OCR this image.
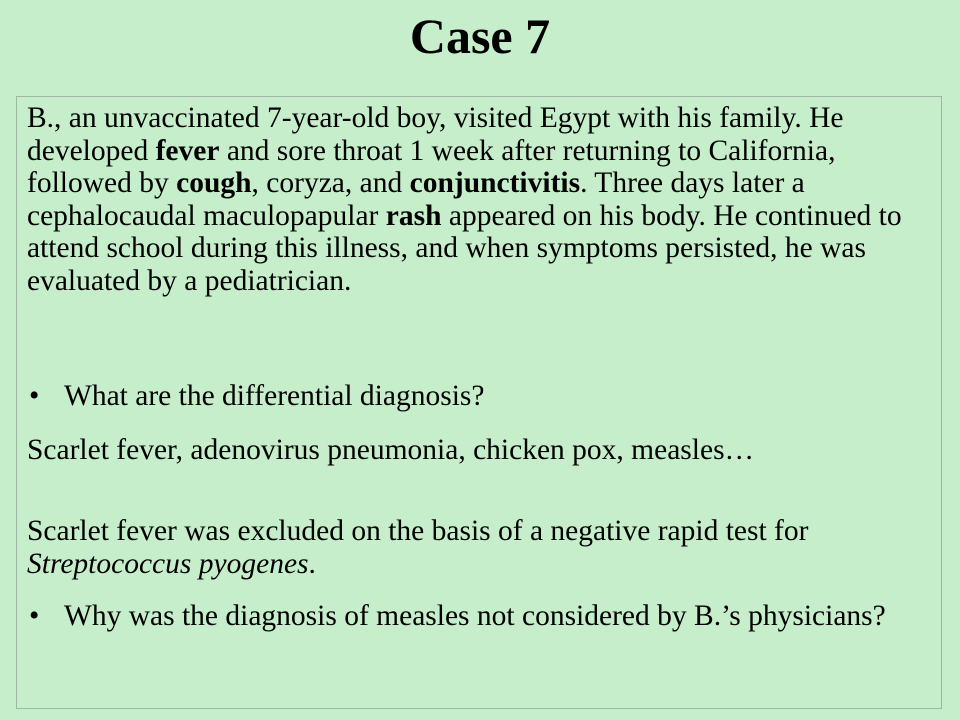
Case 7

B., an unvaccinated 7-year-old boy, visited Egypt with his family. He developed fever and sore throat 1 week after returning to California, followed by cough, coryza, and conjunctivitis. Three days later a cephalocaudal maculopapular rash appeared on his body. He continued to attend school during this illness, and when symptoms persisted, he was evaluated by a pediatrician.

• What are the differential diagnosis?

Scarlet fever, adenovirus pneumonia, chicken pox, measles…

Scarlet fever was excluded on the basis of a negative rapid test for Streptococcus pyogenes.

• Why was the diagnosis of measles not considered by B.’s physicians?
